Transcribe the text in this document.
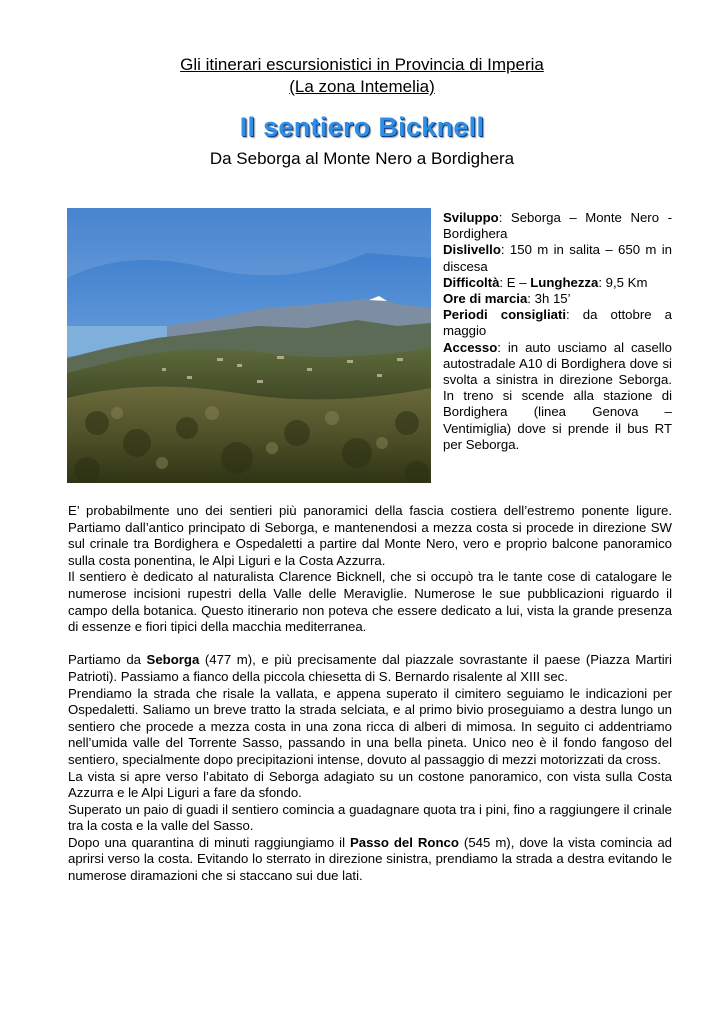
Gli itinerari escursionistici in Provincia di Imperia
(La zona Intemelia)
Il sentiero Bicknell
Da Seborga al Monte Nero a Bordighera

Sviluppo: Seborga – Monte Nero - Bordighera

Dislivello: 150 m in salita – 650 m in discesa

Difficoltà: E – Lunghezza: 9,5 Km

Ore di marcia: 3h 15’

Periodi consigliati: da ottobre a maggio

Accesso: in auto usciamo al casello autostradale A10 di Bordighera dove si svolta a sinistra in direzione Seborga. In treno si scende alla stazione di Bordighera (linea Genova – Ventimiglia) dove si prende il bus RT per Seborga.

E’ probabilmente uno dei sentieri più panoramici della fascia costiera dell’estremo ponente ligure. Partiamo dall’antico principato di Seborga, e mantenendosi a mezza costa si procede in direzione SW sul crinale tra Bordighera e Ospedaletti a partire dal Monte Nero, vero e proprio balcone panoramico sulla costa ponentina, le Alpi Liguri e la Costa Azzurra.

Il sentiero è dedicato al naturalista Clarence Bicknell, che si occupò tra le tante cose di catalogare le numerose incisioni rupestri della Valle delle Meraviglie. Numerose le sue pubblicazioni riguardo il campo della botanica. Questo itinerario non poteva che essere dedicato a lui, vista la grande presenza di essenze e fiori tipici della macchia mediterranea.

Partiamo da Seborga (477 m), e più precisamente dal piazzale sovrastante il paese (Piazza Martiri Patrioti). Passiamo a fianco della piccola chiesetta di S. Bernardo risalente al XIII sec.

Prendiamo la strada che risale la vallata, e appena superato il cimitero seguiamo le indicazioni per Ospedaletti. Saliamo un breve tratto la strada selciata, e al primo bivio proseguiamo a destra lungo un sentiero che procede a mezza costa in una zona ricca di alberi di mimosa. In seguito ci addentriamo nell’umida valle del Torrente Sasso, passando in una bella pineta. Unico neo è il fondo fangoso del sentiero, specialmente dopo precipitazioni intense, dovuto al passaggio di mezzi motorizzati da cross.

La vista si apre verso l’abitato di Seborga adagiato su un costone panoramico, con vista sulla Costa Azzurra e le Alpi Liguri a fare da sfondo.

Superato un paio di guadi il sentiero comincia a guadagnare quota tra i pini, fino a raggiungere il crinale tra la costa e la valle del Sasso.

Dopo una quarantina di minuti raggiungiamo il Passo del Ronco (545 m), dove la vista comincia ad aprirsi verso la costa. Evitando lo sterrato in direzione sinistra, prendiamo la strada a destra evitando le numerose diramazioni che si staccano sui due lati.
